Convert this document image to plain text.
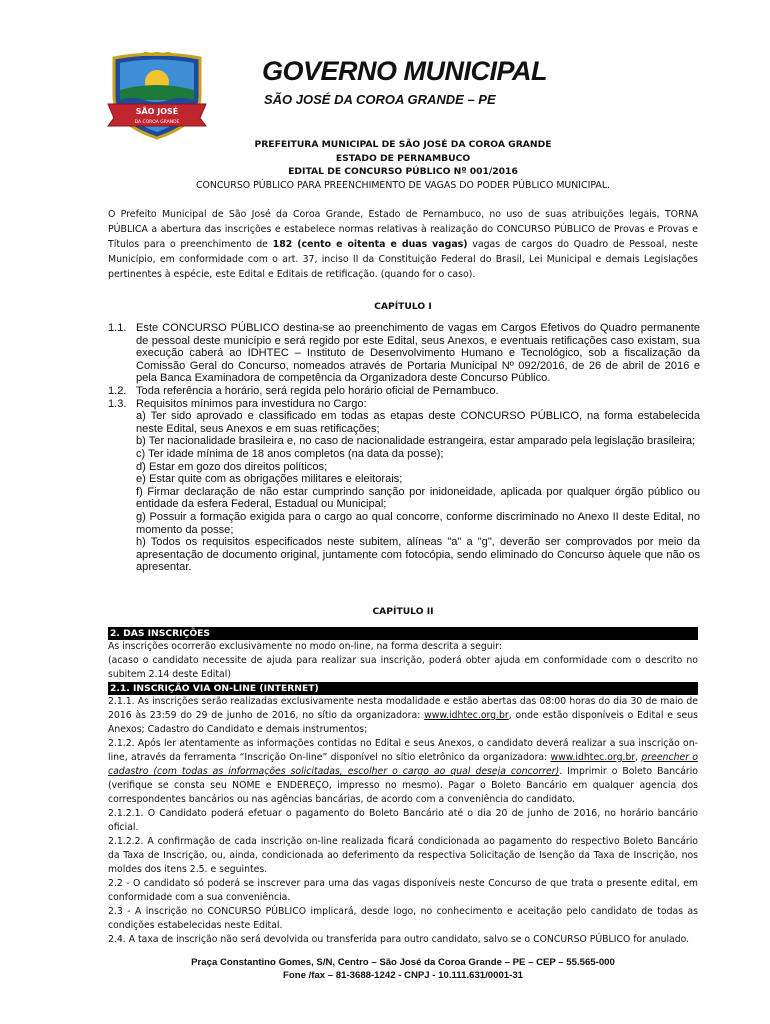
SÃO JOSÉ
DA COROA GRANDE
GOVERNO MUNICIPAL
SÃO JOSÉ DA COROA GRANDE – PE
PREFEITURA MUNICIPAL DE SÃO JOSÉ DA COROA GRANDE
ESTADO DE PERNAMBUCO
EDITAL DE CONCURSO PÚBLICO Nº 001/2016
CONCURSO PÚBLICO PARA PREENCHIMENTO DE VAGAS DO PODER PÚBLICO MUNICIPAL.
O Prefeito Municipal de São José da Coroa Grande, Estado de Pernambuco, no uso de suas atribuições legais, TORNA PÚBLICA a abertura das inscrições e estabelece normas relativas à realização do CONCURSO PÚBLICO de Provas e Provas e Títulos para o preenchimento de 182 (cento e oitenta e duas vagas) vagas de cargos do Quadro de Pessoal, neste Município, em conformidade com o art. 37, inciso II da Constituição Federal do Brasil, Lei Municipal e demais Legislações pertinentes à espécie, este Edital e Editais de retificação. (quando for o caso).
CAPÍTULO I
1.1. Este CONCURSO PÚBLICO destina-se ao preenchimento de vagas em Cargos Efetivos do Quadro permanente de pessoal deste município e será regido por este Edital, seus Anexos, e eventuais retificações caso existam, sua execução caberá ao IDHTEC – Instituto de Desenvolvimento Humano e Tecnológico, sob a fiscalização da Comissão Geral do Concurso, nomeados através de Portaria Municipal Nº 092/2016, de 26 de abril de 2016 e pela Banca Examinadora de competência da Organizadora deste Concurso Público.
1.2. Toda referência a horário, será regida pelo horário oficial de Pernambuco.
1.3. Requisitos mínimos para investidura no Cargo:
a) Ter sido aprovado e classificado em todas as etapas deste CONCURSO PÚBLICO, na forma estabelecida neste Edital, seus Anexos e em suas retificações;
b) Ter nacionalidade brasileira e, no caso de nacionalidade estrangeira, estar amparado pela legislação brasileira;
c) Ter idade mínima de 18 anos completos (na data da posse);
d) Estar em gozo dos direitos políticos;
e) Estar quite com as obrigações militares e eleitorais;
f) Firmar declaração de não estar cumprindo sanção por inidoneidade, aplicada por qualquer órgão público ou entidade da esfera Federal, Estadual ou Municipal;
g) Possuir a formação exigida para o cargo ao qual concorre, conforme discriminado no Anexo II deste Edital, no momento da posse;
h) Todos os requisitos especificados neste subitem, alíneas "a" a "g", deverão ser comprovados por meio da apresentação de documento original, juntamente com fotocópia, sendo eliminado do Concurso àquele que não os apresentar.
CAPÍTULO II
2. DAS INSCRIÇÕES
As inscrições ocorrerão exclusivamente no modo on-line, na forma descrita a seguir:
(acaso o candidato necessite de ajuda para realizar sua inscrição, poderá obter ajuda em conformidade com o descrito no subitem 2.14 deste Edital)
2.1. INSCRIÇÃO VIA ON-LINE (INTERNET)
2.1.1. As inscrições serão realizadas exclusivamente nesta modalidade e estão abertas das 08:00 horas do dia 30 de maio de 2016 às 23:59 do 29 de junho de 2016, no sítio da organizadora: www.idhtec.org.br, onde estão disponíveis o Edital e seus Anexos; Cadastro do Candidato e demais instrumentos;
2.1.2. Após ler atentamente as informações contidas no Edital e seus Anexos, o candidato deverá realizar a sua inscrição on-line, através da ferramenta “Inscrição On-line” disponível no sítio eletrônico da organizadora: www.idhtec.org.br, preencher o cadastro (com todas as informações solicitadas, escolher o cargo ao qual deseja concorrer). Imprimir o Boleto Bancário (verifique se consta seu NOME e ENDEREÇO, impresso no mesmo). Pagar o Boleto Bancário em qualquer agencia dos correspondentes bancários ou nas agências bancárias, de acordo com a conveniência do candidato.
2.1.2.1. O Candidato poderá efetuar o pagamento do Boleto Bancário até o dia 20 de junho de 2016, no horário bancário oficial.
2.1.2.2. A confirmação de cada inscrição on-line realizada ficará condicionada ao pagamento do respectivo Boleto Bancário da Taxa de Inscrição, ou, ainda, condicionada ao deferimento da respectiva Solicitação de Isenção da Taxa de Inscrição, nos moldes dos itens 2.5. e seguintes.
2.2 - O candidato só poderá se inscrever para uma das vagas disponíveis neste Concurso de que trata o presente edital, em conformidade com a sua conveniência.
2.3 - A inscrição no CONCURSO PÚBLICO implicará, desde logo, no conhecimento e aceitação pelo candidato de todas as condições estabelecidas neste Edital.
2.4. A taxa de inscrição não será devolvida ou transferida para outro candidato, salvo se o CONCURSO PÚBLICO for anulado.
Praça Constantino Gomes, S/N, Centro – São José da Coroa Grande – PE – CEP – 55.565-000
Fone /fax – 81-3688-1242 - CNPJ - 10.111.631/0001-31
